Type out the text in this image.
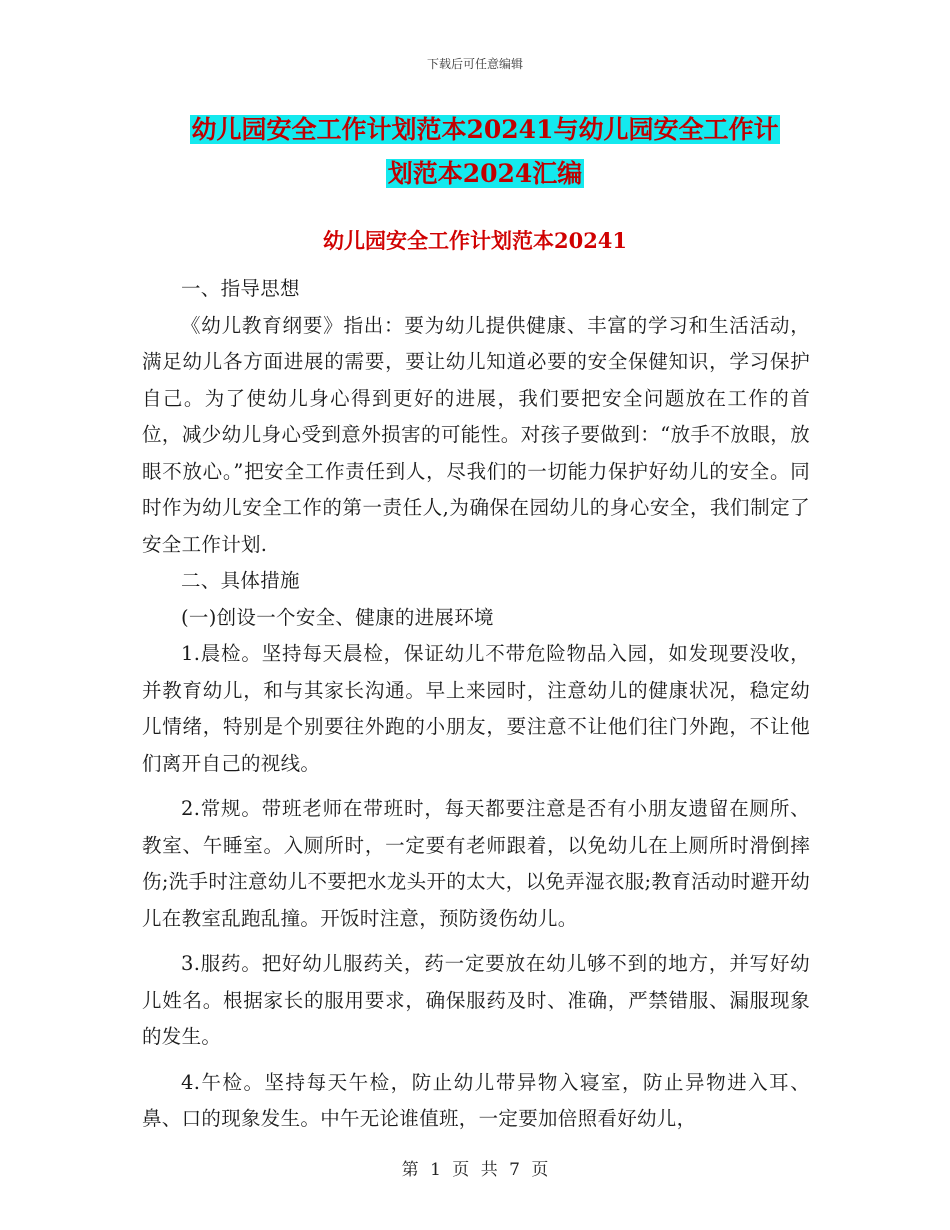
下载后可任意编辑
幼儿园安全工作计划范本20241与幼儿园安全工作计
划范本2024汇编
幼儿园安全工作计划范本20241

一、指导思想

《幼儿教育纲要》指出：要为幼儿提供健康、丰富的学习和生活活动，满足幼儿各方面进展的需要，要让幼儿知道必要的安全保健知识，学习保护自己。为了使幼儿身心得到更好的进展，我们要把安全问题放在工作的首位，减少幼儿身心受到意外损害的可能性。对孩子要做到：“放手不放眼，放眼不放心。”把安全工作责任到人，尽我们的一切能力保护好幼儿的安全。同时作为幼儿安全工作的第一责任人,为确保在园幼儿的身心安全，我们制定了安全工作计划.

二、具体措施

(一)创设一个安全、健康的进展环境

1.晨检。坚持每天晨检，保证幼儿不带危险物品入园，如发现要没收，并教育幼儿，和与其家长沟通。早上来园时，注意幼儿的健康状况，稳定幼儿情绪，特别是个别要往外跑的小朋友，要注意不让他们往门外跑，不让他们离开自己的视线。

2.常规。带班老师在带班时，每天都要注意是否有小朋友遗留在厕所、教室、午睡室。入厕所时，一定要有老师跟着，以免幼儿在上厕所时滑倒摔伤;洗手时注意幼儿不要把水龙头开的太大，以免弄湿衣服;教育活动时避开幼儿在教室乱跑乱撞。开饭时注意，预防烫伤幼儿。

3.服药。把好幼儿服药关，药一定要放在幼儿够不到的地方，并写好幼儿姓名。根据家长的服用要求，确保服药及时、准确，严禁错服、漏服现象的发生。

4.午检。坚持每天午检，防止幼儿带异物入寝室，防止异物进入耳、鼻、口的现象发生。中午无论谁值班，一定要加倍照看好幼儿，

第 1 页 共 7 页
